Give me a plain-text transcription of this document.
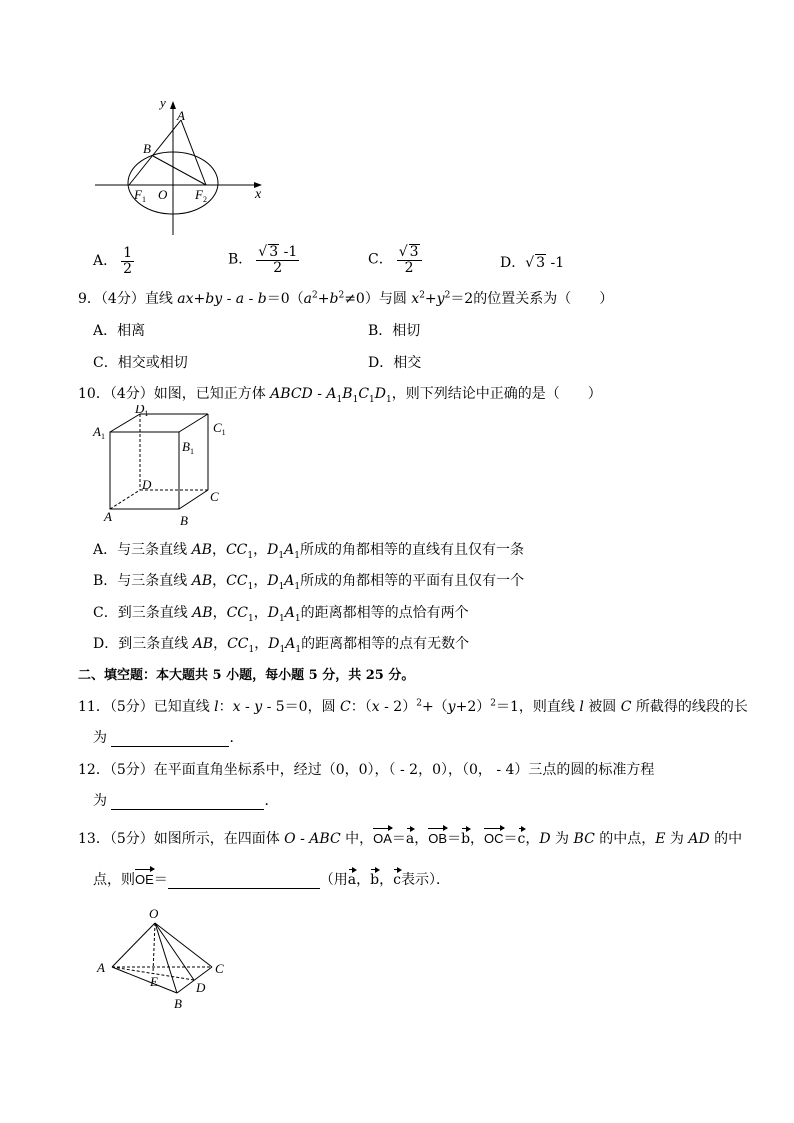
y
x
A
B
$F_1$ O $F_2$
A． $\frac{1}{2}$	B． $\frac{√ 3 -1}{2}$	C． $\frac{√ 3}{2}$	D．√ 3 -1
9．（4分）直线 $ax+by - a - b=0(a^2+b^2\ne 0)$与圆 $x^2+y^2=2$的位置关系为（　　）
A．相离	B．相切
C．相交或相切	D．相交
10．（4分）如图，已知正方体 ABCD - $A_1B_1C_1D_1$，则下列结论中正确的是（　　）
$D_1$
$C_1$
$A_1$
$B_1$
D
C
A	B
A．与三条直线 AB，$CC_1$，$D_1A_1$所成的角都相等的直线有且仅有一条
B．与三条直线 AB，$CC_1$，$D_1A_1$所成的角都相等的平面有且仅有一个
C．到三条直线 AB，$CC_1$，$D_1A_1$的距离都相等的点恰有两个
D．到三条直线 AB，$CC_1$，$D_1A_1$的距离都相等的点有无数个
二、填空题：本大题共 5 小题，每小题 5 分，共 25 分。
11．（5分）已知直线 l：x - y - 5＝0，圆 C：$(x - 2)^2+(y+2)^2=1$，则直线 l 被圆 C 所截得的线段的长
为	．
12．（5分）在平面直角坐标系中，经过（0，0），（ - 2，0），（0， - 4）三点的圆的标准方程
为	．
13．（5分）如图所示，在四面体 O - ABC 中，OA＝a，OB＝b，OC＝c，D 为 BC 的中点，E 为 AD 的中
点，则OE＝	（用a，b，c表示）．
O
A	C
E	D
B
